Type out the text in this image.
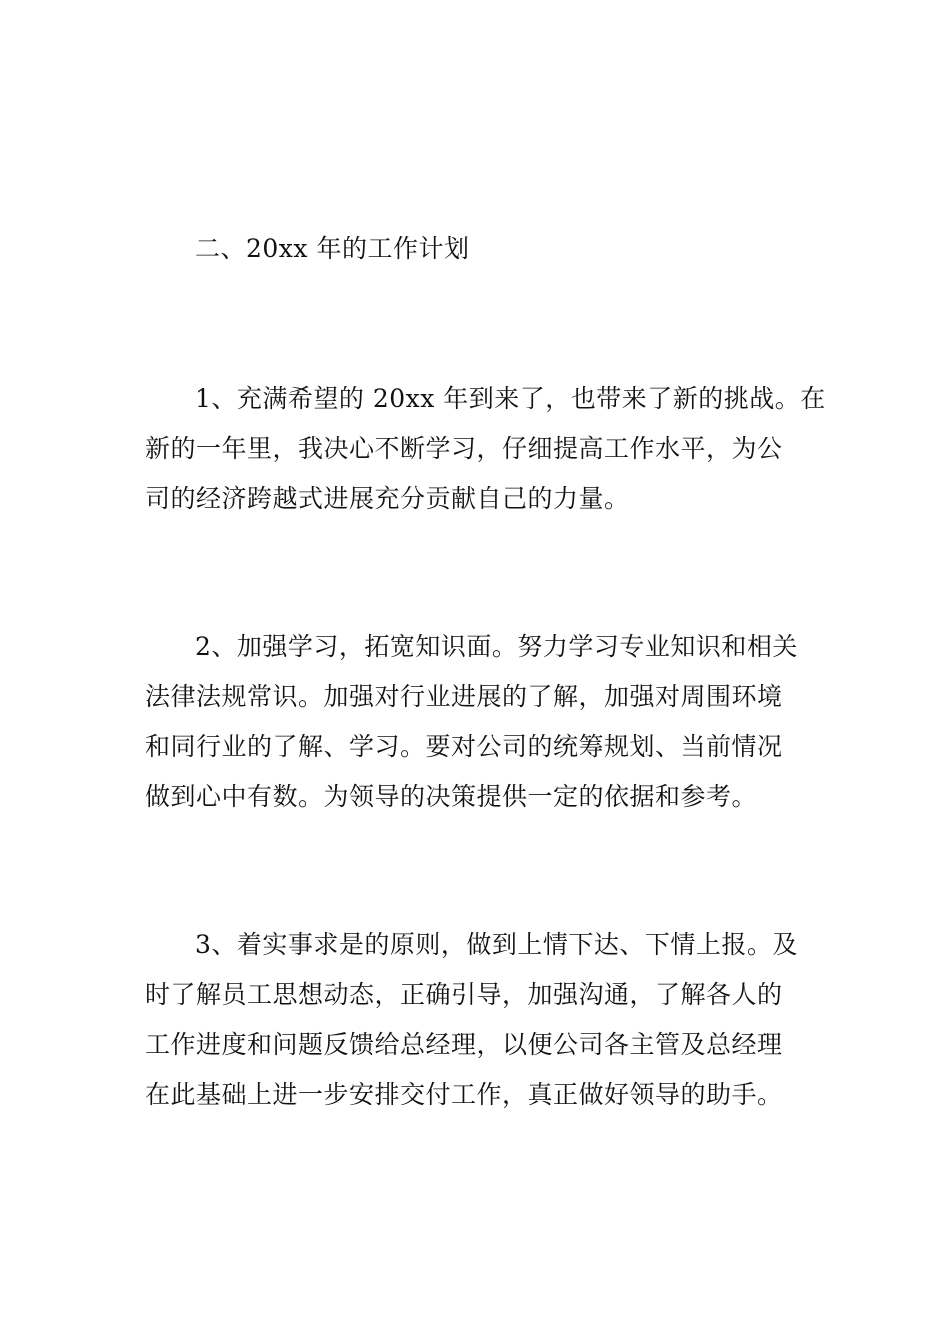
二、20xx 年的工作计划
1、充满希望的 20xx 年到来了，也带来了新的挑战。在
新的一年里，我决心不断学习，仔细提高工作水平，为公
司的经济跨越式进展充分贡献自己的力量。
2、加强学习，拓宽知识面。努力学习专业知识和相关
法律法规常识。加强对行业进展的了解，加强对周围环境
和同行业的了解、学习。要对公司的统筹规划、当前情况
做到心中有数。为领导的决策提供一定的依据和参考。
3、着实事求是的原则，做到上情下达、下情上报。及
时了解员工思想动态，正确引导，加强沟通，了解各人的
工作进度和问题反馈给总经理，以便公司各主管及总经理
在此基础上进一步安排交付工作，真正做好领导的助手。
